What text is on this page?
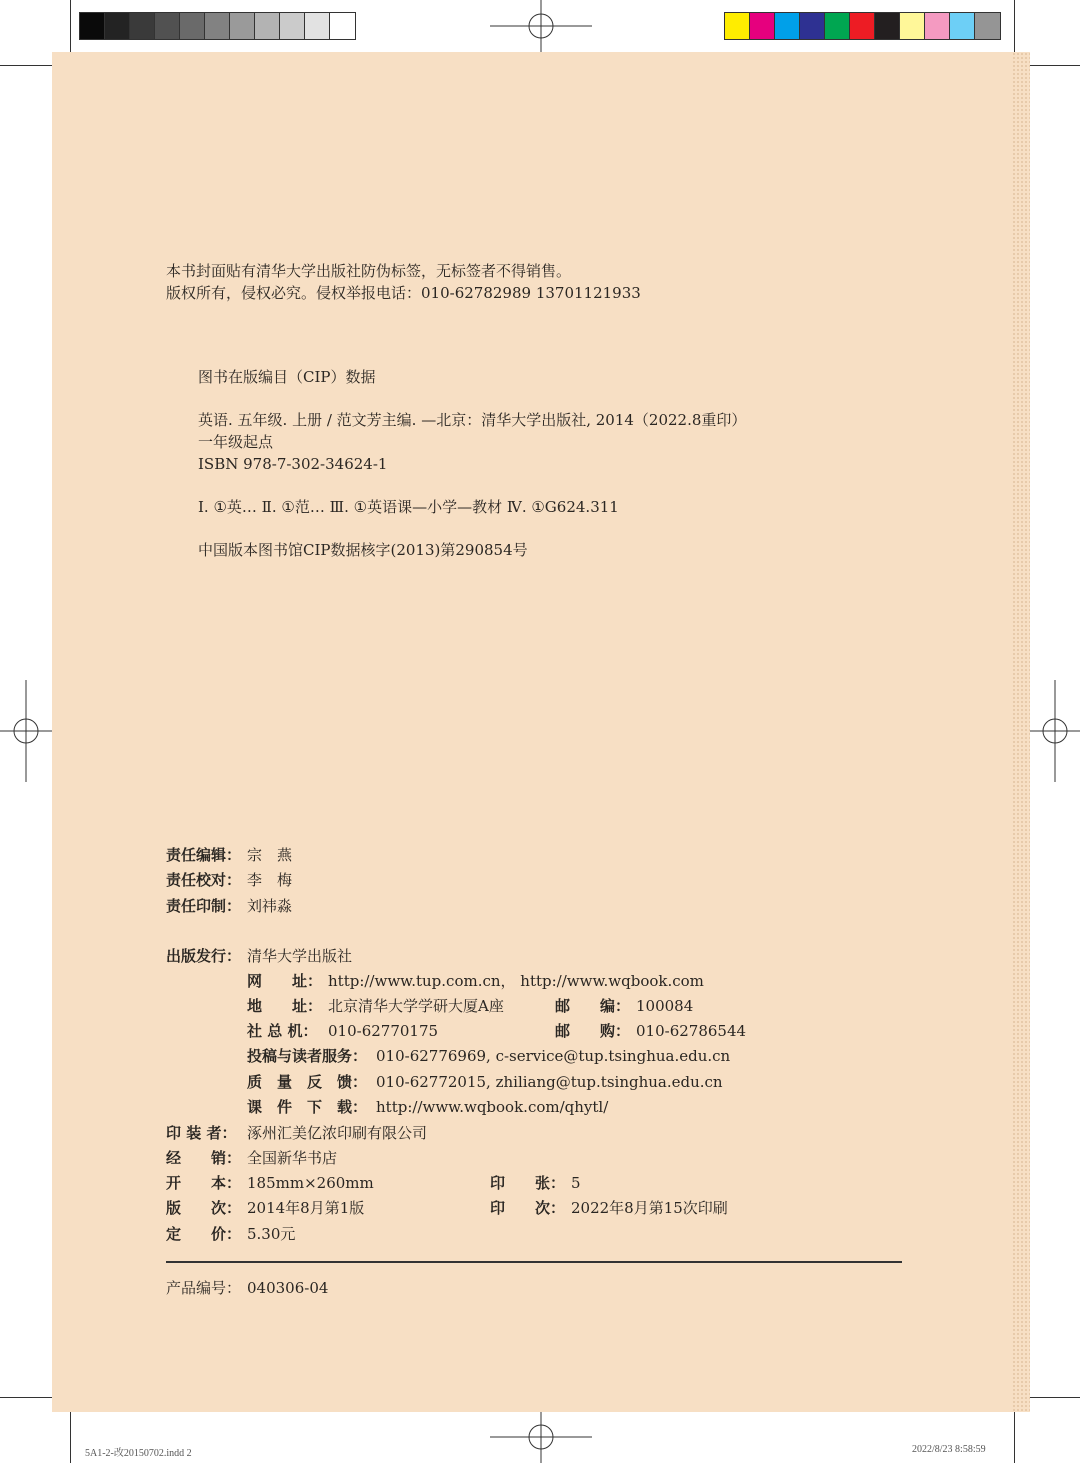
本书封面贴有清华大学出版社防伪标签，无标签者不得销售。
版权所有，侵权必究。侵权举报电话：010-62782989 13701121933
图书在版编目（CIP）数据
英语. 五年级. 上册 / 范文芳主编. —北京：清华大学出版社, 2014（2022.8重印）
一年级起点
ISBN 978-7-302-34624-1
Ⅰ. ①英… Ⅱ. ①范… Ⅲ. ①英语课—小学—教材 Ⅳ. ①G624.311
中国版本图书馆CIP数据核字(2013)第290854号
责任编辑： 宗　燕
责任校对： 李　梅
责任印制： 刘祎淼
出版发行： 清华大学出版社
网　　址： http://www.tup.com.cn， http://www.wqbook.com
地　　址： 北京清华大学学研大厦A座	邮　　编： 100084
社 总 机： 010-62770175	邮　　购： 010-62786544
投稿与读者服务： 010-62776969, c-service@tup.tsinghua.edu.cn
质　量　反　馈： 010-62772015, zhiliang@tup.tsinghua.edu.cn
课　件　下　载： http://www.wqbook.com/qhytl/
印 装 者： 涿州汇美亿浓印刷有限公司
经　　销： 全国新华书店
开　　本： 185mm×260mm	印　　张： 5
版　　次： 2014年8月第1版	印　　次： 2022年8月第15次印刷
定　　价： 5.30元
产品编号： 040306-04
5A1-2-改20150702.indd 2	2022/8/23 8:58:59
